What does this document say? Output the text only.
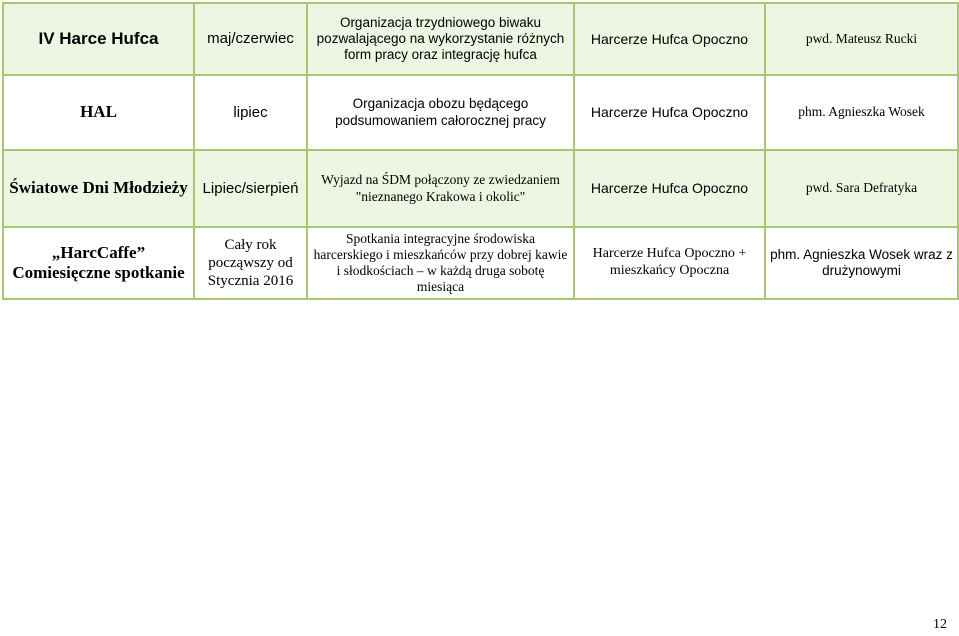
IV Harce Hufca	maj/czerwiec	Organizacja trzydniowego biwaku pozwalającego na wykorzystanie różnych form pracy oraz integrację hufca	Harcerze Hufca Opoczno	pwd. Mateusz Rucki
HAL	lipiec	Organizacja obozu będącego podsumowaniem całorocznej pracy	Harcerze Hufca Opoczno	phm. Agnieszka Wosek
Światowe Dni Młodzieży	Lipiec/sierpień	Wyjazd na ŚDM połączony ze zwiedzaniem "nieznanego Krakowa i okolic"	Harcerze Hufca Opoczno	pwd. Sara Defratyka

„HarcCaffe”
Comiesięczne spotkanie	Cały rok począwszy od Stycznia 2016	Spotkania integracyjne środowiska harcerskiego i mieszkańców przy dobrej kawie i słodkościach – w każdą druga sobotę miesiąca	Harcerze Hufca Opoczno + mieszkańcy Opoczna	phm. Agnieszka Wosek wraz z drużynowymi
12
